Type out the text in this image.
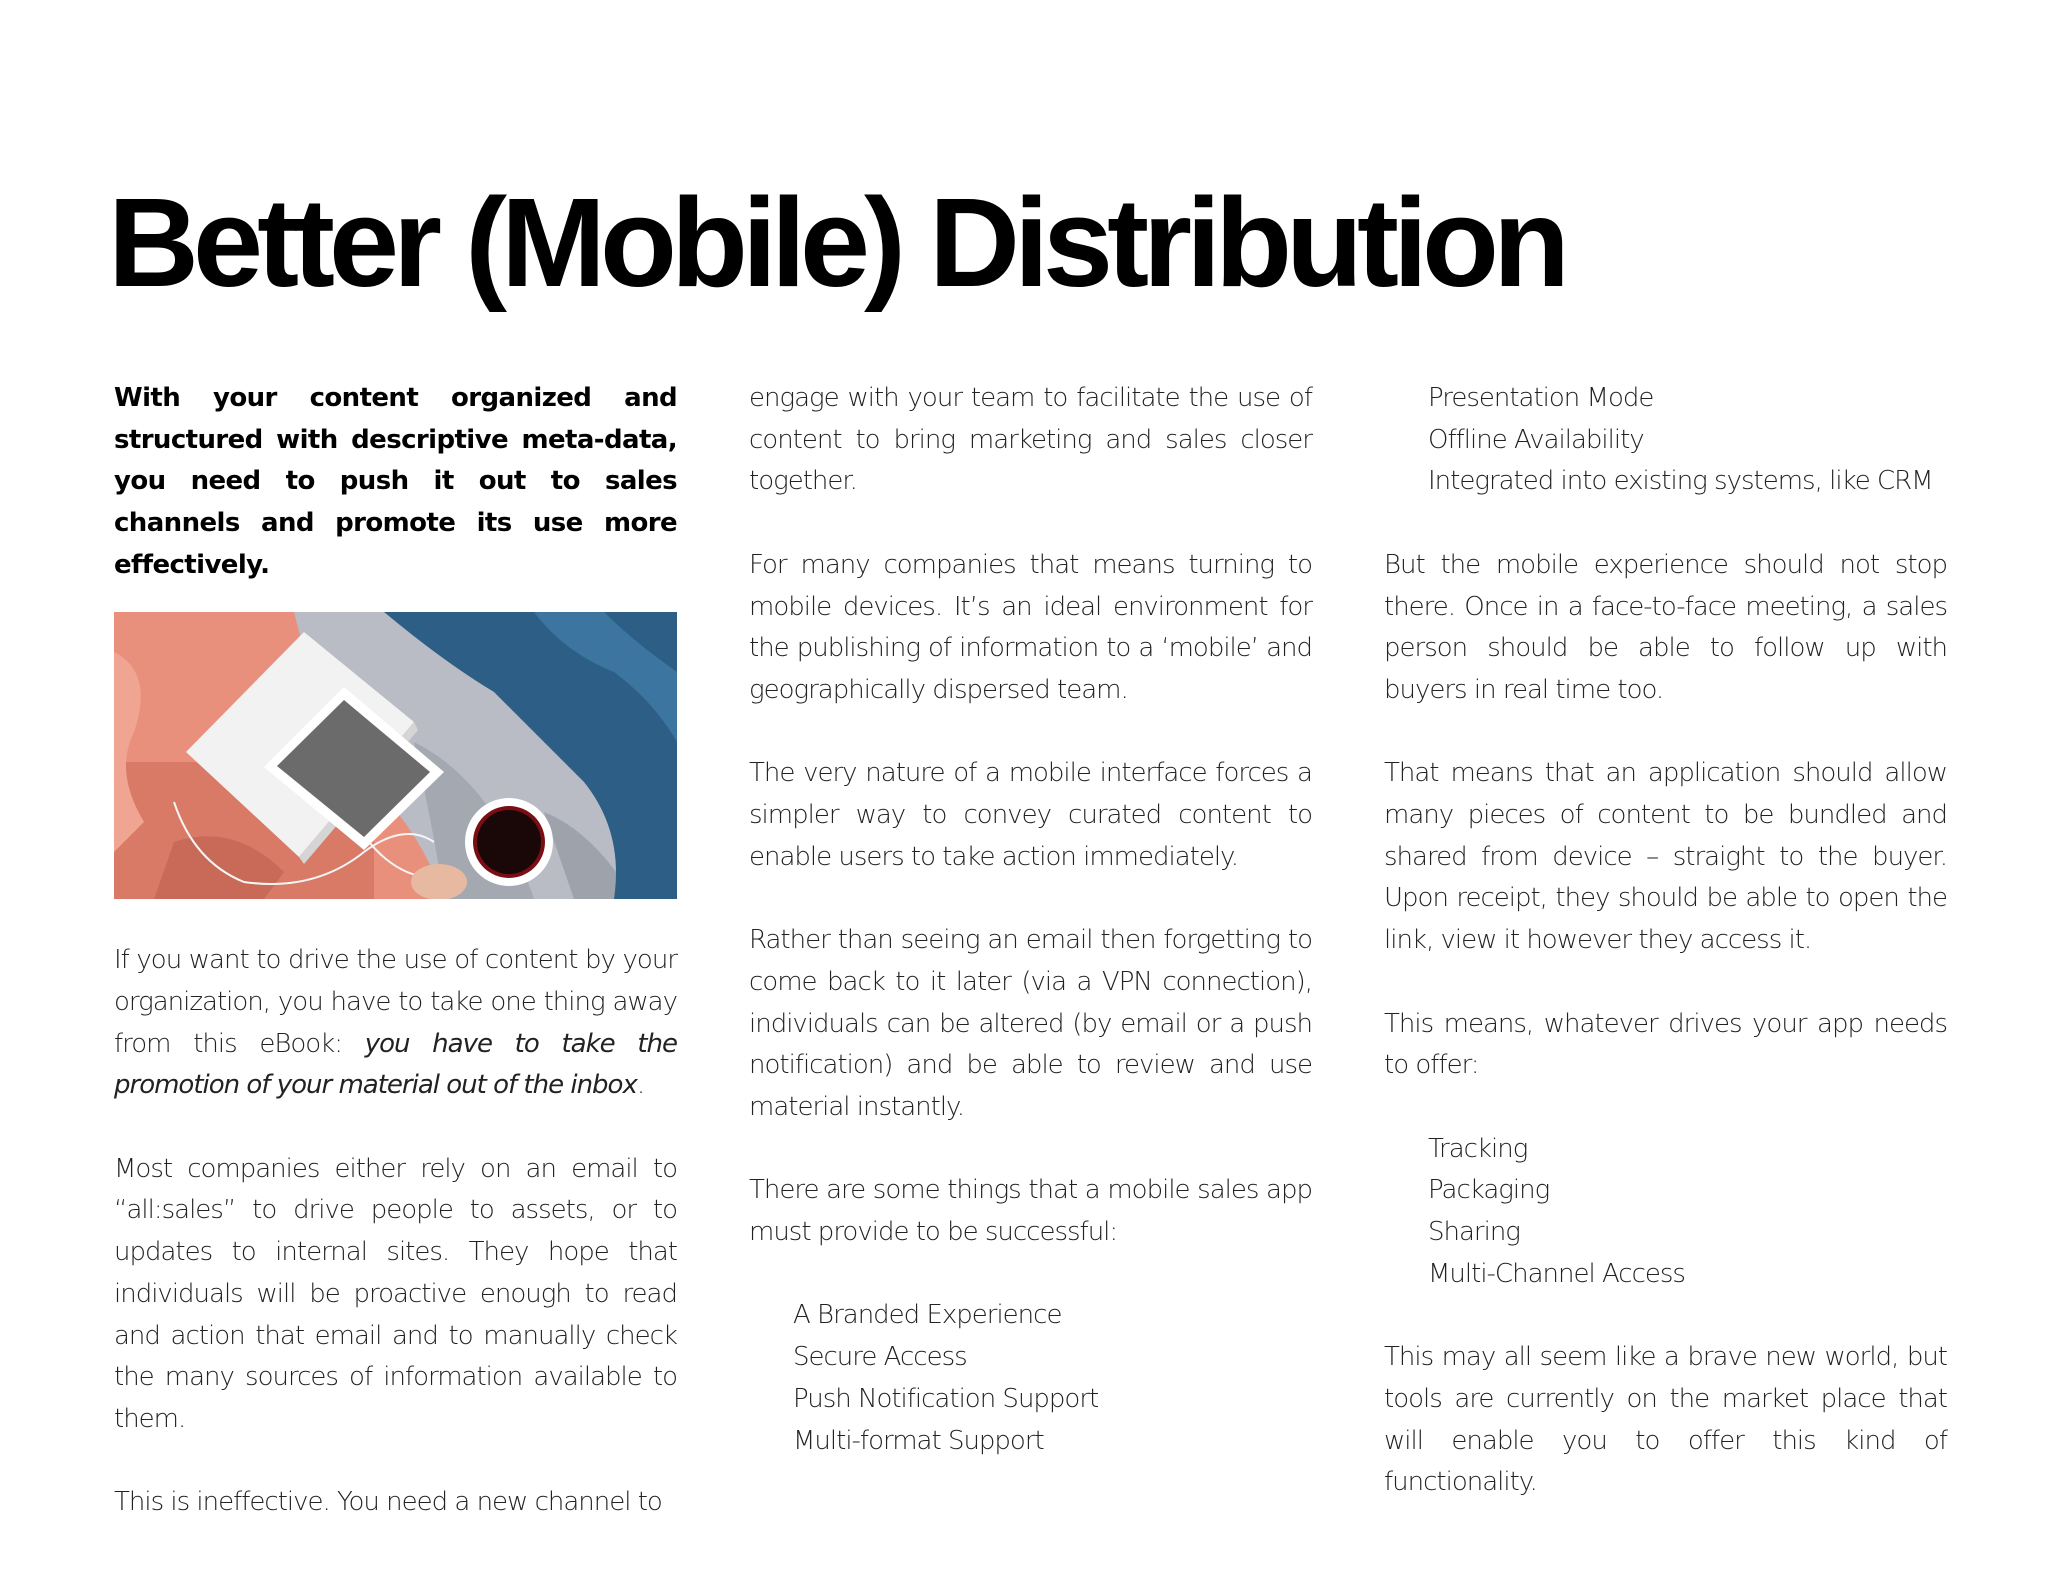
Better (Mobile) Distribution

With your content organized and structured with descriptive meta-data, you need to push it out to sales channels and promote its use more effectively.

If you want to drive the use of content by your organization, you have to take one thing away from this eBook: you have to take the promotion of your material out of the inbox.

Most companies either rely on an email to “all:sales” to drive people to assets, or to updates to internal sites. They hope that individuals will be proactive enough to read and action that email and to manually check the many sources of information available to them.

This is ineffective. You need a new channel to

engage with your team to facilitate the use of content to bring marketing and sales closer together.

For many companies that means turning to mobile devices. It’s an ideal environment for the publishing of information to a ‘mobile’ and geographically dispersed team.

The very nature of a mobile interface forces a simpler way to convey curated content to enable users to take action immediately.

Rather than seeing an email then forgetting to come back to it later (via a VPN connection), individuals can be altered (by email or a push notification) and be able to review and use material instantly.

There are some things that a mobile sales app must provide to be successful:

A Branded Experience
Secure Access
Push Notification Support
Multi-format Support
Presentation Mode
Offline Availability
Integrated into existing systems, like CRM

But the mobile experience should not stop there. Once in a face-to-face meeting, a sales person should be able to follow up with buyers in real time too.

That means that an application should allow many pieces of content to be bundled and shared from device – straight to the buyer. Upon receipt, they should be able to open the link, view it however they access it.

This means, whatever drives your app needs to offer:

Tracking
Packaging
Sharing
Multi-Channel Access

This may all seem like a brave new world, but tools are currently on the market place that will enable you to offer this kind of functionality.
